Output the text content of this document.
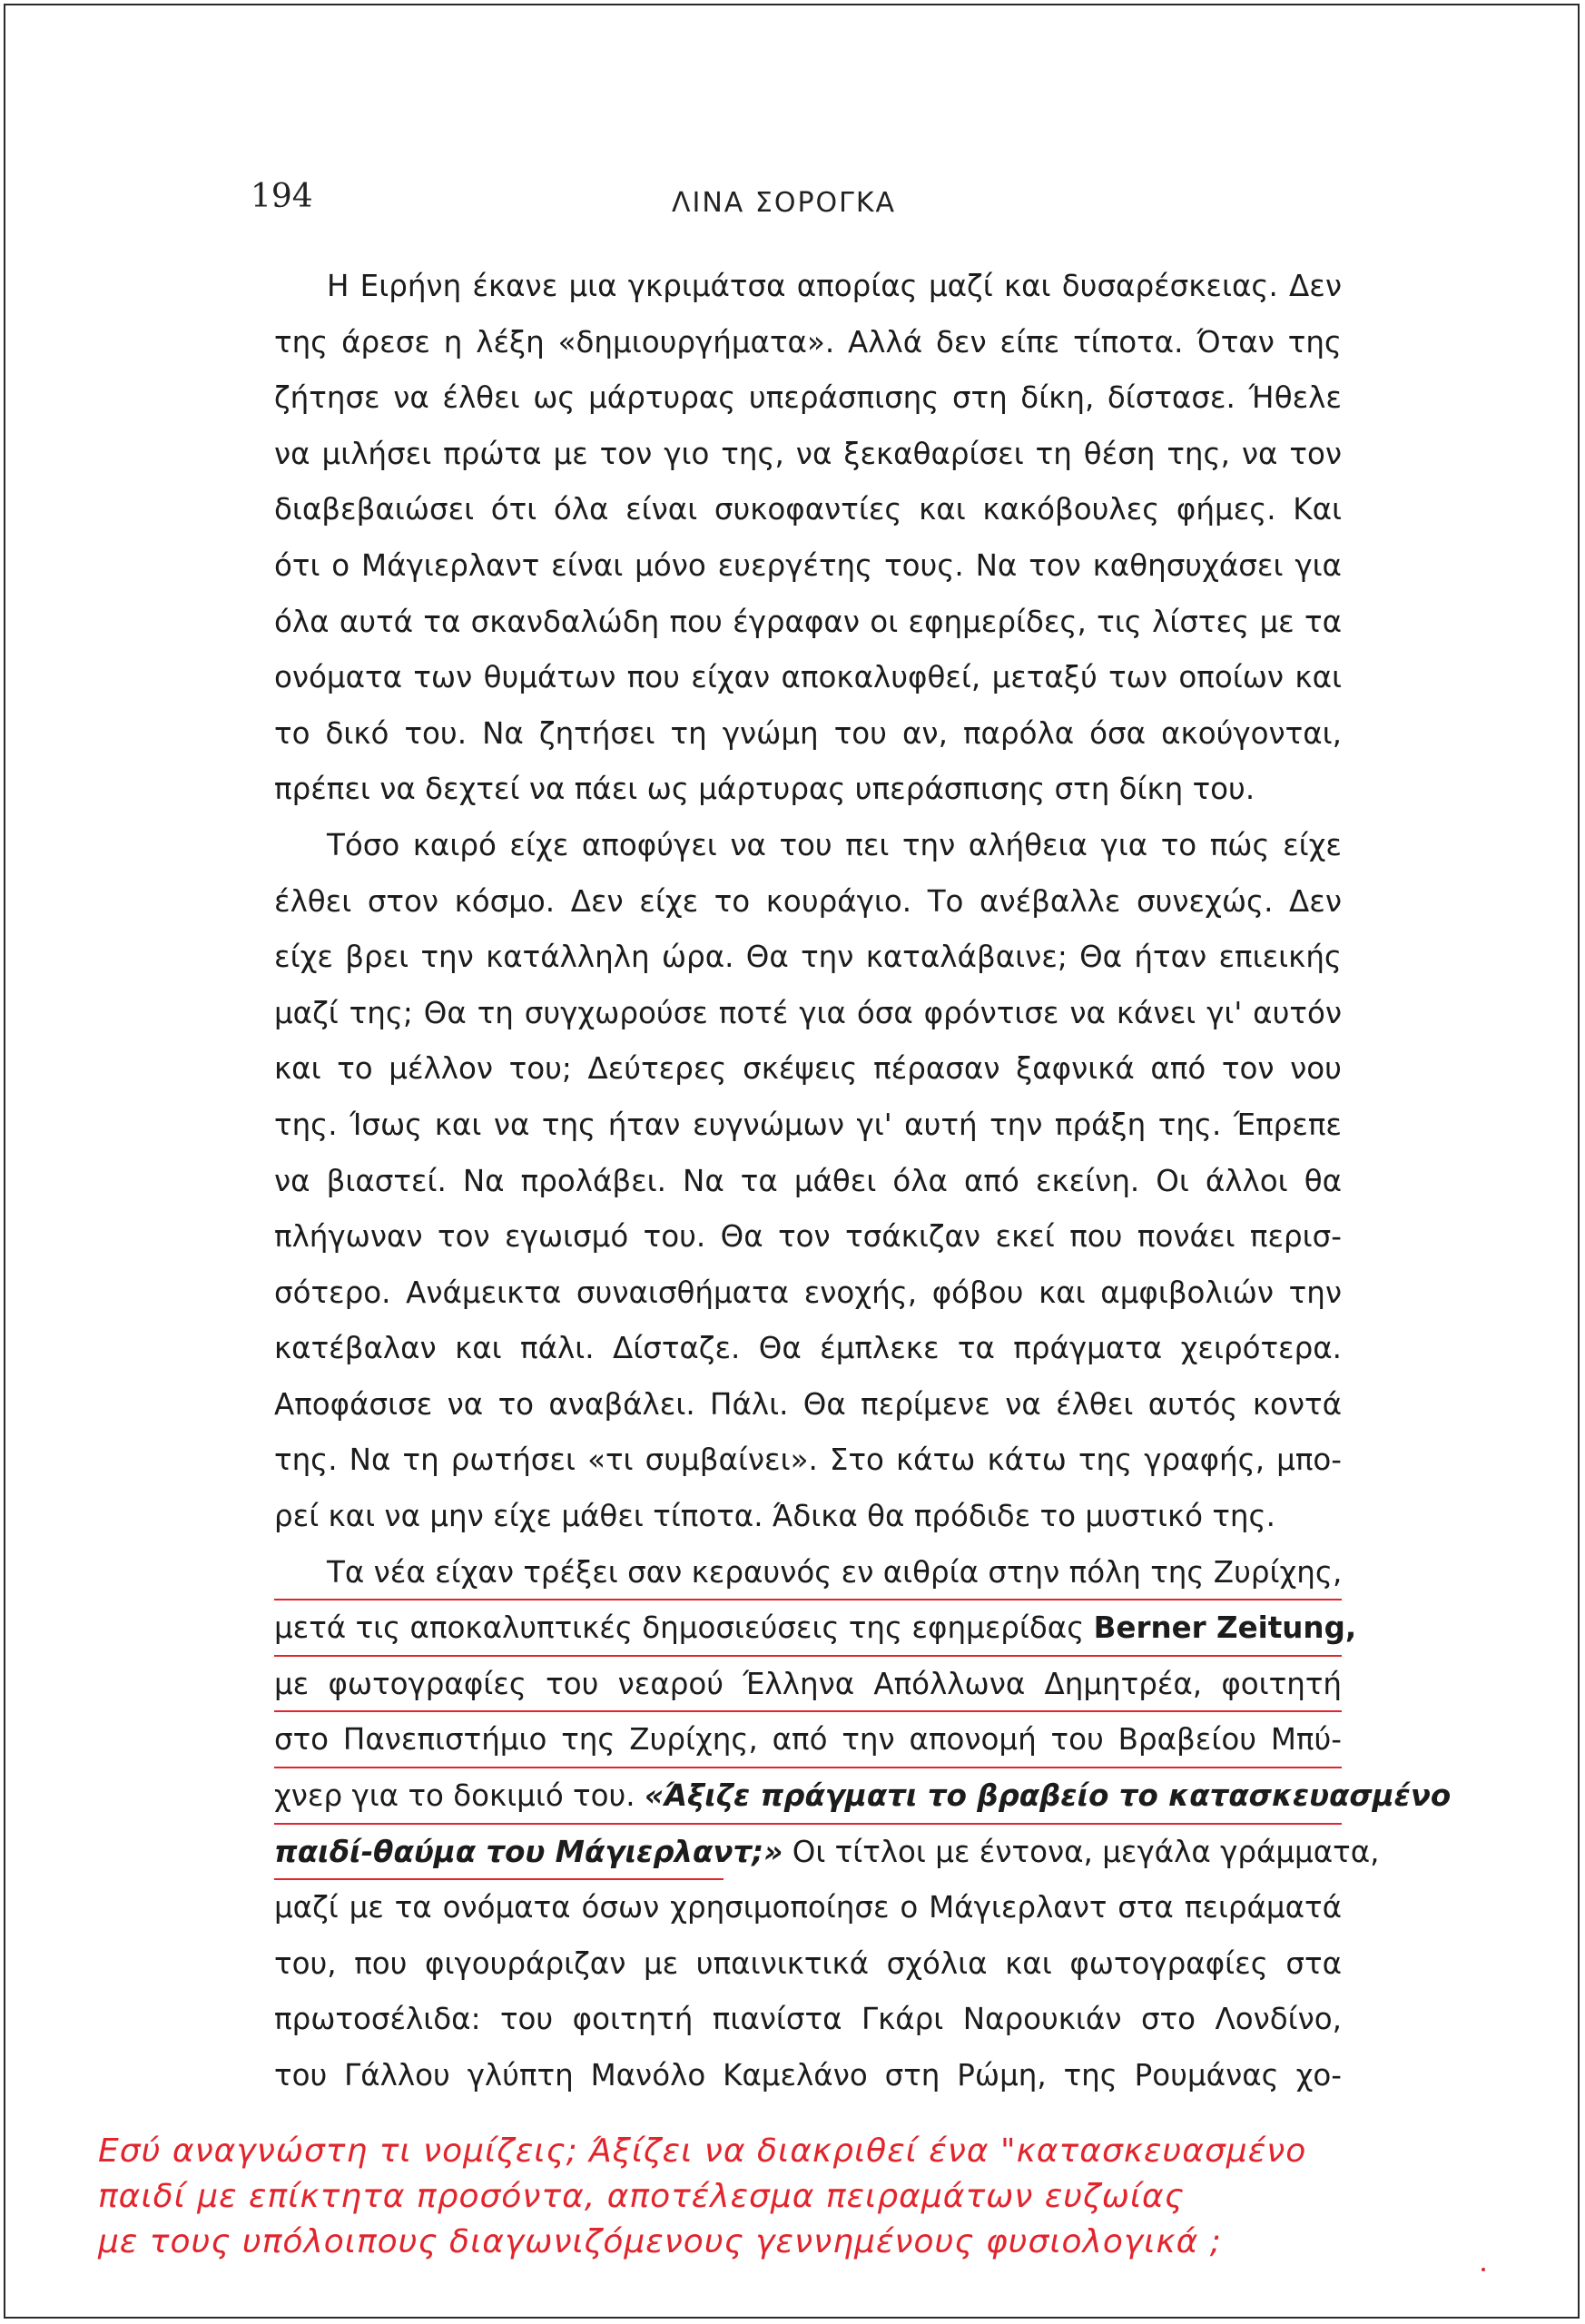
194	ΛΙΝΑ ΣΟΡΟΓΚΑ
Η Ειρήνη έκανε μια γκριμάτσα απορίας μαζί και δυσαρέσκειας. Δεν
της άρεσε η λέξη «δημιουργήματα». Αλλά δεν είπε τίποτα. Όταν της
ζήτησε να έλθει ως μάρτυρας υπεράσπισης στη δίκη, δίστασε. Ήθελε
να μιλήσει πρώτα με τον γιο της, να ξεκαθαρίσει τη θέση της, να τον
διαβεβαιώσει ότι όλα είναι συκοφαντίες και κακόβουλες φήμες. Και
ότι ο Μάγιερλαντ είναι μόνο ευεργέτης τους. Να τον καθησυχάσει για
όλα αυτά τα σκανδαλώδη που έγραφαν οι εφημερίδες, τις λίστες με τα
ονόματα των θυμάτων που είχαν αποκαλυφθεί, μεταξύ των οποίων και
το δικό του. Να ζητήσει τη γνώμη του αν, παρόλα όσα ακούγονται,
πρέπει να δεχτεί να πάει ως μάρτυρας υπεράσπισης στη δίκη του.
Τόσο καιρό είχε αποφύγει να του πει την αλήθεια για το πώς είχε
έλθει στον κόσμο. Δεν είχε το κουράγιο. Το ανέβαλλε συνεχώς. Δεν
είχε βρει την κατάλληλη ώρα. Θα την καταλάβαινε; Θα ήταν επιεικής
μαζί της; Θα τη συγχωρούσε ποτέ για όσα φρόντισε να κάνει γι' αυτόν
και το μέλλον του; Δεύτερες σκέψεις πέρασαν ξαφνικά από τον νου
της. Ίσως και να της ήταν ευγνώμων γι' αυτή την πράξη της. Έπρεπε
να βιαστεί. Να προλάβει. Να τα μάθει όλα από εκείνη. Οι άλλοι θα
πλήγωναν τον εγωισμό του. Θα τον τσάκιζαν εκεί που πονάει περισ-
σότερο. Ανάμεικτα συναισθήματα ενοχής, φόβου και αμφιβολιών την
κατέβαλαν και πάλι. Δίσταζε. Θα έμπλεκε τα πράγματα χειρότερα.
Αποφάσισε να το αναβάλει. Πάλι. Θα περίμενε να έλθει αυτός κοντά
της. Να τη ρωτήσει «τι συμβαίνει». Στο κάτω κάτω της γραφής, μπο-
ρεί και να μην είχε μάθει τίποτα. Άδικα θα πρόδιδε το μυστικό της.
Τα νέα είχαν τρέξει σαν κεραυνός εν αιθρία στην πόλη της Ζυρίχης,
μετά τις αποκαλυπτικές δημοσιεύσεις της εφημερίδας Berner Zeitung,
με φωτογραφίες του νεαρού Έλληνα Απόλλωνα Δημητρέα, φοιτητή
στο Πανεπιστήμιο της Ζυρίχης, από την απονομή του Βραβείου Μπύ-
χνερ για το δοκιμιό του. «Άξιζε πράγματι το βραβείο το κατασκευασμένο
παιδί-θαύμα του Μάγιερλαντ;» Οι τίτλοι με έντονα, μεγάλα γράμματα,
μαζί με τα ονόματα όσων χρησιμοποίησε ο Μάγιερλαντ στα πειράματά
του, που φιγουράριζαν με υπαινικτικά σχόλια και φωτογραφίες στα
πρωτοσέλιδα: του φοιτητή πιανίστα Γκάρι Ναρουκιάν στο Λονδίνο,
του Γάλλου γλύπτη Μανόλο Καμελάνο στη Ρώμη, της Ρουμάνας χο-
Εσύ αναγνώστη τι νομίζεις; Άξίζει να διακριθεί ένα "κατασκευασμένο
παιδί με επίκτητα προσόντα, αποτέλεσμα πειραμάτων ευζωίας
με τους υπόλοιπους διαγωνιζόμενους γεννημένους φυσιολογικά ;
